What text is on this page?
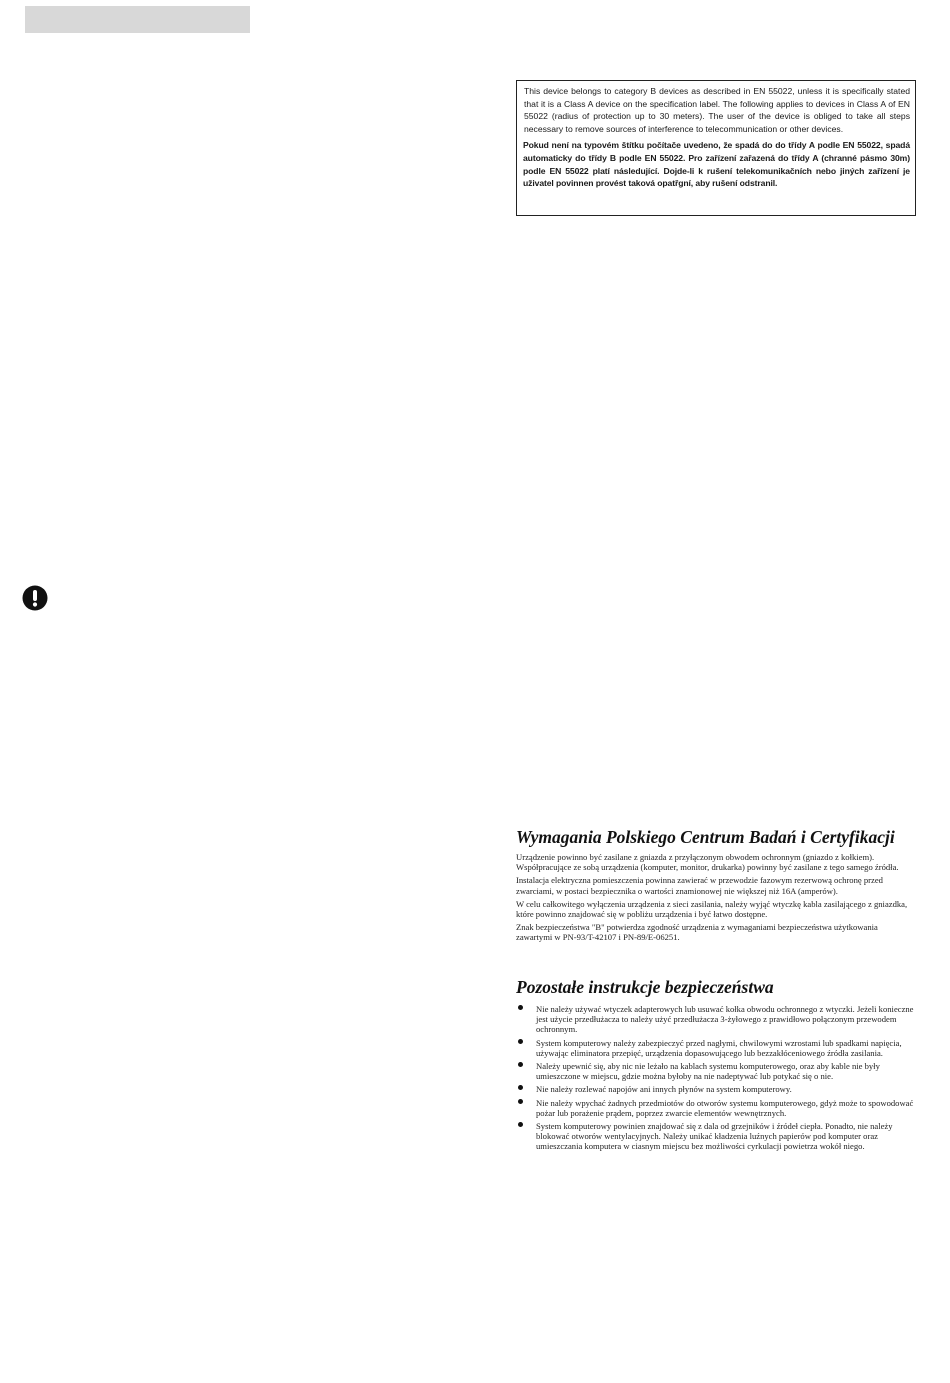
This device belongs to category B devices as described in EN 55022, unless it is specifically stated that it is a Class A device on the specification label. The following applies to devices in Class A of EN 55022 (radius of protection up to 30 meters). The user of the device is obliged to take all steps necessary to remove sources of interference to telecommunication or other devices.

Pokud není na typovém štítku počítače uvedeno, že spadá do do třídy A podle EN 55022, spadá automaticky do třídy B podle EN 55022. Pro zařízení zařazená do třídy A (chranné pásmo 30m) podle EN 55022 platí následující. Dojde-li k rušení telekomunikačních nebo jiných zařízení je uživatel povinnen provést taková opatřgní, aby rušení odstranil.

Wymagania Polskiego Centrum Badań i Certyfikacji

Urządzenie powinno być zasilane z gniazda z przyłączonym obwodem ochronnym (gniazdo z kołkiem). Współpracujące ze sobą urządzenia (komputer, monitor, drukarka) powinny być zasilane z tego samego źródła.

Instalacja elektryczna pomieszczenia powinna zawierać w przewodzie fazowym rezerwową ochronę przed zwarciami, w postaci bezpiecznika o wartości znamionowej nie większej niż 16A (amperów).

W celu całkowitego wyłączenia urządzenia z sieci zasilania, należy wyjąć wtyczkę kabla zasilającego z gniazdka, które powinno znajdować się w pobliżu urządzenia i być łatwo dostępne.

Znak bezpieczeństwa "B" potwierdza zgodność urządzenia z wymaganiami bezpieczeństwa użytkowania zawartymi w PN-93/T-42107 i PN-89/E-06251.

Pozostałe instrukcje bezpieczeństwa
Nie należy używać wtyczek adapterowych lub usuwać kołka obwodu ochronnego z wtyczki. Jeżeli konieczne jest użycie przedłużacza to należy użyć przedłużacza 3-żyłowego z prawidłowo połączonym przewodem ochronnym.
System komputerowy należy zabezpieczyć przed nagłymi, chwilowymi wzrostami lub spadkami napięcia, używając eliminatora przepięć, urządzenia dopasowującego lub bezzakłóceniowego źródła zasilania.
Należy upewnić się, aby nic nie leżało na kablach systemu komputerowego, oraz aby kable nie były umieszczone w miejscu, gdzie można byłoby na nie nadeptywać lub potykać się o nie.
Nie należy rozlewać napojów ani innych płynów na system komputerowy.
Nie należy wpychać żadnych przedmiotów do otworów systemu komputerowego, gdyż może to spowodować pożar lub porażenie prądem, poprzez zwarcie elementów wewnętrznych.
System komputerowy powinien znajdować się z dala od grzejników i źródeł ciepła. Ponadto, nie należy blokować otworów wentylacyjnych. Należy unikać kładzenia luźnych papierów pod komputer oraz umieszczania komputera w ciasnym miejscu bez możliwości cyrkulacji powietrza wokół niego.
